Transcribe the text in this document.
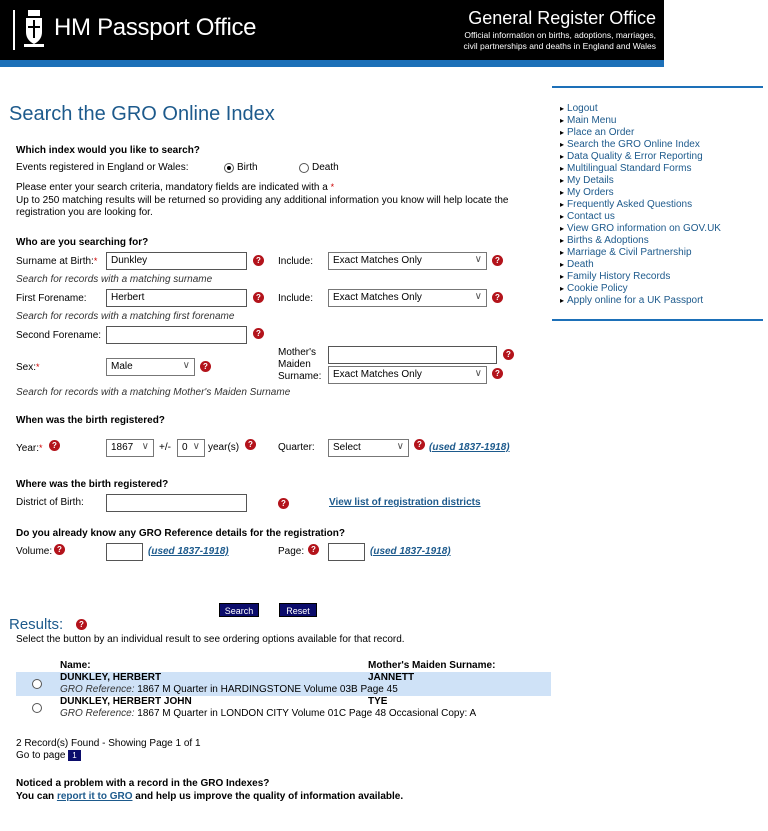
HM Passport Office	General Register Office
Official information on births, adoptions, marriages,
civil partnerships and deaths in England and Wales
Search the GRO Online Index
Which index would you like to search?
Events registered in England or Wales:	Birth	Death
Please enter your search criteria, mandatory fields are indicated with a *
Up to 250 matching results will be returned so providing any additional information you know will help locate the
registration you are looking for.
Who are you searching for?
Surname at Birth:*	Dunkley	?	Include:	Exact Matches Only	∨	?
Search for records with a matching surname
First Forename:	Herbert	?	Include:	Exact Matches Only	∨	?
Search for records with a matching first forename
Second Forename:	?
Sex:*	Male	∨	?
Mother's
Maiden
Surname:
?
Exact Matches Only	∨	?
Search for records with a matching Mother's Maiden Surname
When was the birth registered?
Year:*	?	1867 ∨ +/-	0 ∨ year(s)	?	Quarter:	Select	∨	? (used 1837-1918)
Where was the birth registered?
District of Birth:	?	View list of registration districts
Do you already know any GRO Reference details for the registration?
Volume: ?	(used 1837-1918)	Page: ?	(used 1837-1918)
Search	Reset
Results:	?
Select the button by an individual result to see ordering options available for that record.
Name:	Mother's Maiden Surname:
DUNKLEY, HERBERT	JANNETT
GRO Reference: 1867 M Quarter in HARDINGSTONE Volume 03B Page 45
DUNKLEY, HERBERT JOHN	TYE
GRO Reference: 1867 M Quarter in LONDON CITY Volume 01C Page 48 Occasional Copy: A
2 Record(s) Found - Showing Page 1 of 1
Go to page 1
Noticed a problem with a record in the GRO Indexes?
You can report it to GRO and help us improve the quality of information available.
▸ Logout
▸ Main Menu
▸ Place an Order
▸ Search the GRO Online Index
▸ Data Quality & Error Reporting
▸ Multilingual Standard Forms
▸ My Details
▸ My Orders
▸ Frequently Asked Questions
▸ Contact us
▸ View GRO information on GOV.UK
▸ Births & Adoptions
▸ Marriage & Civil Partnership
▸ Death
▸ Family History Records
▸ Cookie Policy
▸ Apply online for a UK Passport
